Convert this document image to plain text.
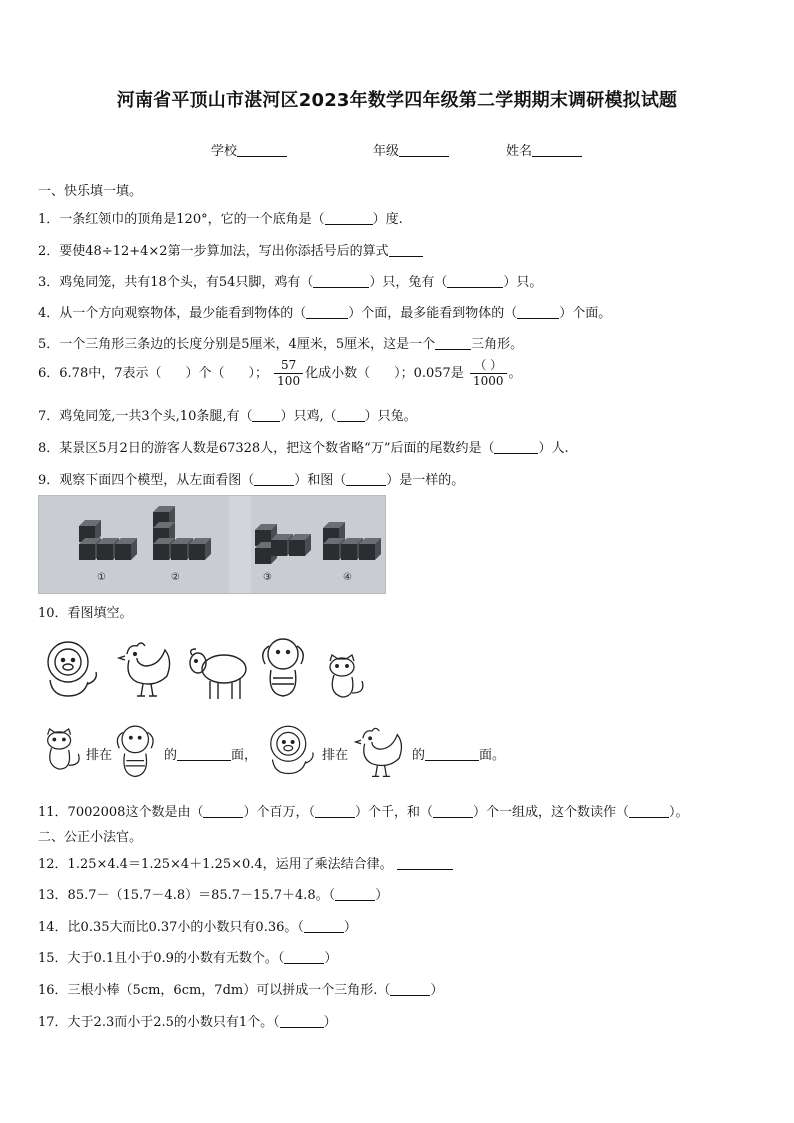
河南省平顶山市湛河区2023年数学四年级第二学期期末调研模拟试题
学校	年级	姓名
一、快乐填一填。
1．一条红领巾的顶角是120°，它的一个底角是（	）度.
2．要使48÷12+4×2第一步算加法，写出你添括号后的算式
3．鸡兔同笼，共有18个头，有54只脚，鸡有（	）只，兔有（	）只。
4．从一个方向观察物体，最少能看到物体的（	）个面，最多能看到物体的（	）个面。
5．一个三角形三条边的长度分别是5厘米，4厘米，5厘米，这是一个	三角形。
6．6.78中，7表示（ ）个（ ）； $\frac{57}{100}$ 化成小数（ ）；0.057是 $\frac{( )}{1000}$ 。
7．鸡兔同笼,一共3个头,10条腿,有（ ）只鸡,（ ）只兔。
8．某景区5月2日的游客人数是67328人，把这个数省略“万”后面的尾数约是（	）人.
9．观察下面四个模型，从左面看图（	）和图（	）是一样的。
①	②	③	④
10．看图填空。
排在	的	面，	排在	的	面。
11．7002008这个数是由（	）个百万，（	）个千，和（	）个一组成，这个数读作（	）。
二、公正小法官。
12．1.25×4.4＝1.25×4＋1.25×0.4，运用了乘法结合律。
13．85.7－（15.7－4.8）＝85.7－15.7＋4.8。（	）
14．比0.35大而比0.37小的小数只有0.36。（	）
15．大于0.1且小于0.9的小数有无数个。（	）
16．三根小棒（5cm，6cm，7dm）可以拼成一个三角形.（	）
17．大于2.3而小于2.5的小数只有1个。（	）
